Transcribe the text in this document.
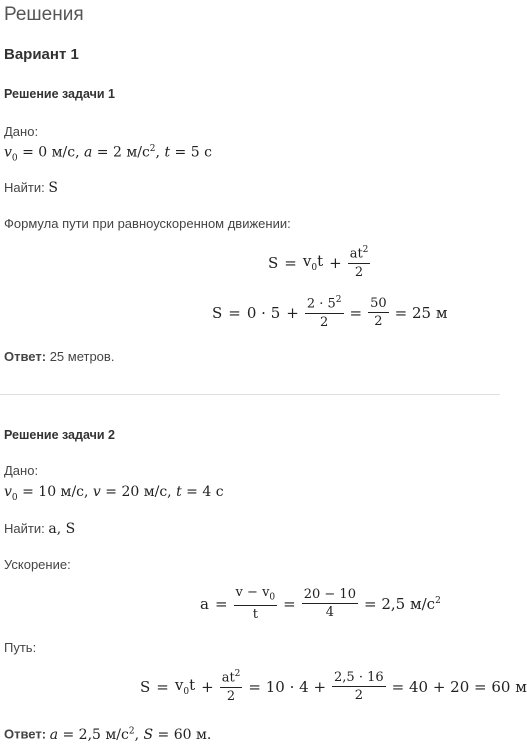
Решения
Вариант 1
Решение задачи 1
Дано:
$v_0 = 0$ м/с, a = 2 $м/с^2$, t = 5 с
Найти: S
Формула пути при равноускоренном движении:
$S = v_0t + \frac{at^2}{2}$
$S = 0 \cdot 5 + \frac{2 \cdot 5^2}{2} = \frac{50}{2} = 25$ м
Ответ: 25 метров.
Решение задачи 2
Дано:
$v_0 = 10$ м/с, v = 20 м/с, t = 4 с
Найти: a, S
Ускорение:
$a = \frac{v - v_0}{t} = \frac{20 - 10}{4} = 2,5$ $м/с^2$
Путь:
$S = v_0t + \frac{at^2}{2} = 10 \cdot 4 + \frac{2,5 \cdot 16}{2} = 40 + 20 = 60$ м
Ответ: a = 2,5 $м/с^2$, S = 60 м.
